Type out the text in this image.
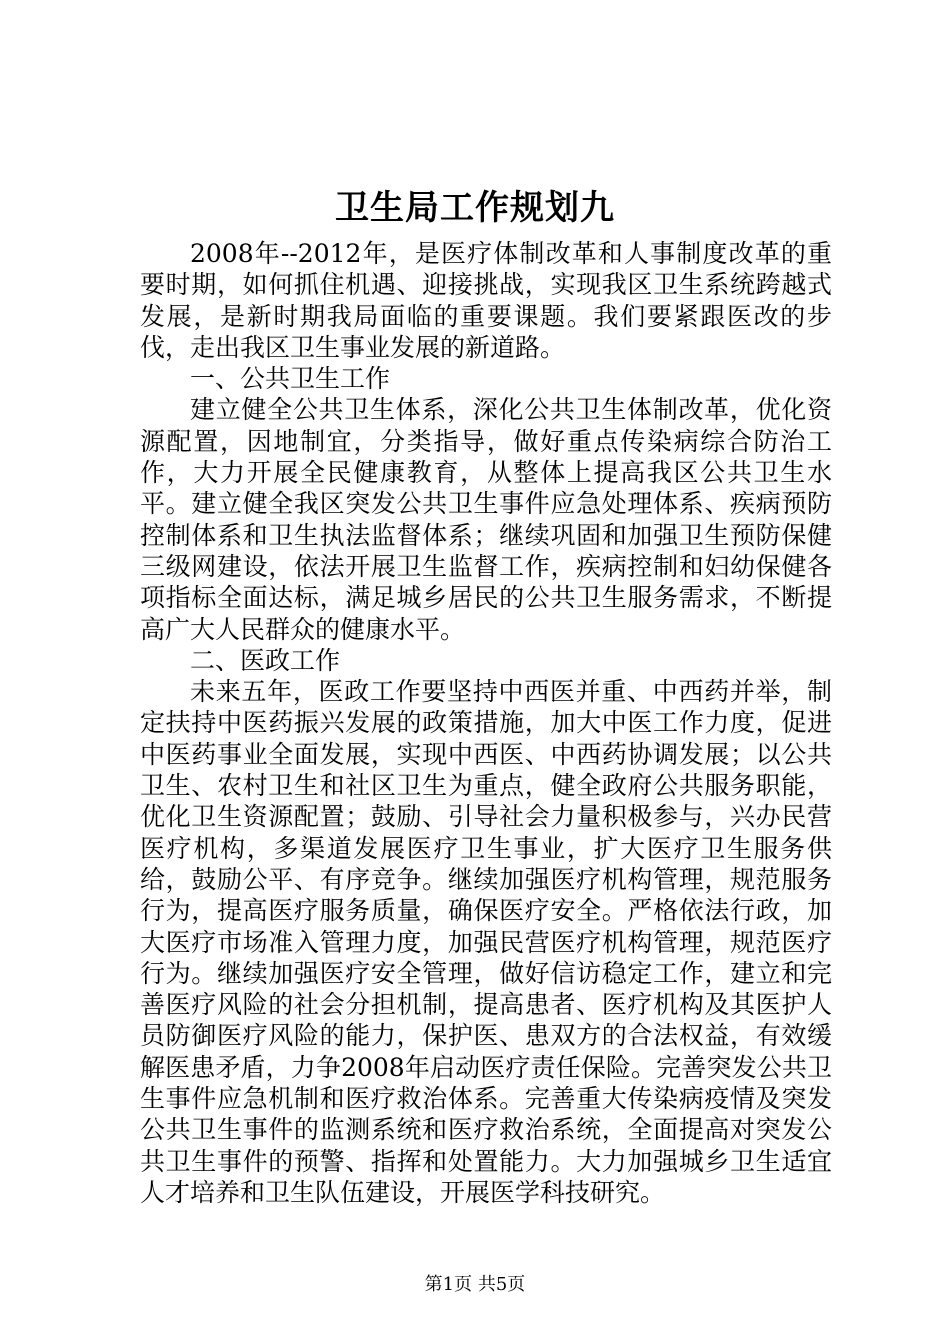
卫生局工作规划九

2008年--2012年，是医疗体制改革和人事制度改革的重要时期，如何抓住机遇、迎接挑战，实现我区卫生系统跨越式发展，是新时期我局面临的重要课题。我们要紧跟医改的步伐，走出我区卫生事业发展的新道路。

一、公共卫生工作

建立健全公共卫生体系，深化公共卫生体制改革，优化资源配置，因地制宜，分类指导，做好重点传染病综合防治工作，大力开展全民健康教育，从整体上提高我区公共卫生水平。建立健全我区突发公共卫生事件应急处理体系、疾病预防控制体系和卫生执法监督体系；继续巩固和加强卫生预防保健三级网建设，依法开展卫生监督工作，疾病控制和妇幼保健各项指标全面达标，满足城乡居民的公共卫生服务需求，不断提高广大人民群众的健康水平。

二、医政工作

未来五年，医政工作要坚持中西医并重、中西药并举，制定扶持中医药振兴发展的政策措施，加大中医工作力度，促进中医药事业全面发展，实现中西医、中西药协调发展；以公共卫生、农村卫生和社区卫生为重点，健全政府公共服务职能，优化卫生资源配置；鼓励、引导社会力量积极参与，兴办民营医疗机构，多渠道发展医疗卫生事业，扩大医疗卫生服务供给，鼓励公平、有序竞争。继续加强医疗机构管理，规范服务行为，提高医疗服务质量，确保医疗安全。严格依法行政，加大医疗市场准入管理力度，加强民营医疗机构管理，规范医疗行为。继续加强医疗安全管理，做好信访稳定工作，建立和完善医疗风险的社会分担机制，提高患者、医疗机构及其医护人员防御医疗风险的能力，保护医、患双方的合法权益，有效缓解医患矛盾，力争2008年启动医疗责任保险。完善突发公共卫生事件应急机制和医疗救治体系。完善重大传染病疫情及突发公共卫生事件的监测系统和医疗救治系统，全面提高对突发公共卫生事件的预警、指挥和处置能力。大力加强城乡卫生适宜人才培养和卫生队伍建设，开展医学科技研究。

第1页 共5页
